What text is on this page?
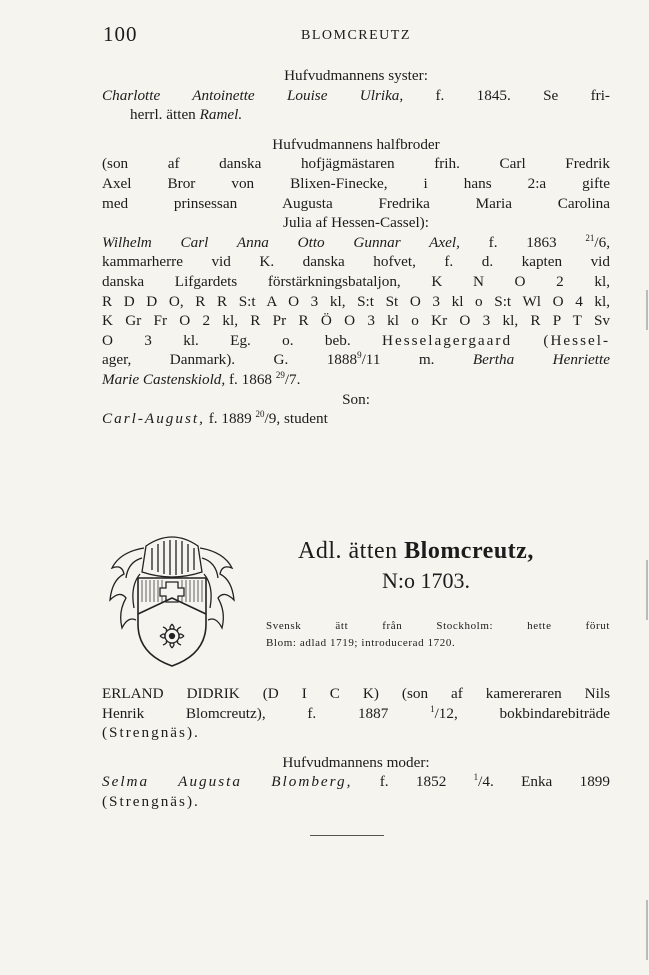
100	BLOMCREUTZ

Hufvudmannens syster:

Charlotte Antoinette Louise Ulrika, f. 1845. Se fri-

herrl. ätten Ramel.

Hufvudmannens halfbroder

(son af danska hofjägmästaren frih. Carl Fredrik

Axel Bror von Blixen-Finecke, i hans 2:a gifte

med prinsessan Augusta Fredrika Maria Carolina

Julia af Hessen-Cassel):

Wilhelm Carl Anna Otto Gunnar Axel, f. 1863	$^{21}$/6,

kammarherre vid K. danska hofvet, f. d. kapten vid

danska Lifgardets förstärkningsbataljon, K N O 2 kl,

R D D O, R R S:t A O 3 kl, S:t St O 3 kl o S:t Wl O 4 kl,

K Gr Fr O 2 kl, R Pr R Ö O 3 kl o Kr O 3 kl, R P T Sv

O 3 kl. Eg. o. beb. Hesselagergaard (Hessel-

ager, Danmark). G. 1888$^9$/11 m.	Bertha Henriette

Marie Castenskiold, f. 1868 $^{29}$/7.

Son:

Carl-August, f. 1889 $^{20}$/9, student

Adl. ätten Blomcreutz,
N:o 1703.
Svensk ätt från Stockholm: hette förut
Blom: adlad 1719; introducerad 1720.

ERLAND DIDRIK (D I C K) (son af kamereraren Nils

Henrik Blomcreutz), f. 1887	$^1$/12, bokbindarebiträde

(Strengnäs).

Hufvudmannens moder:

Selma Augusta Blomberg, f. 1852	$^1$/4. Enka 1899

(Strengnäs).
